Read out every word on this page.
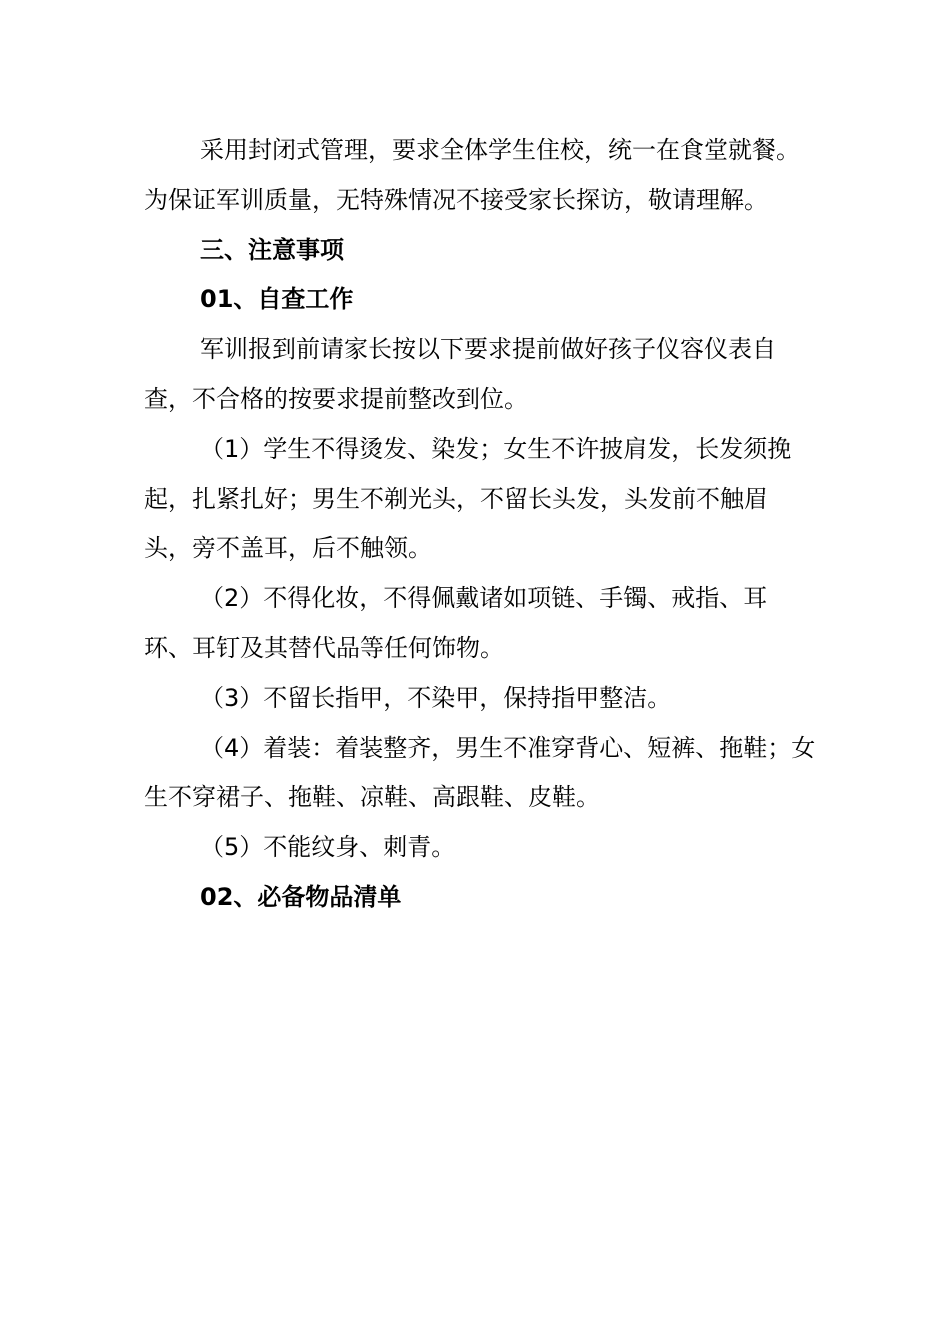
采用封闭式管理，要求全体学生住校，统一在食堂就餐。为保证军训质量，无特殊情况不接受家长探访，敬请理解。

三、注意事项

01、自查工作

军训报到前请家长按以下要求提前做好孩子仪容仪表自查，不合格的按要求提前整改到位。

（1）学生不得烫发、染发；女生不许披肩发，长发须挽起，扎紧扎好；男生不剃光头，不留长头发，头发前不触眉头，旁不盖耳，后不触领。

（2）不得化妆，不得佩戴诸如项链、手镯、戒指、耳环、耳钉及其替代品等任何饰物。

（3）不留长指甲，不染甲，保持指甲整洁。

（4）着装：着装整齐，男生不准穿背心、短裤、拖鞋；女生不穿裙子、拖鞋、凉鞋、高跟鞋、皮鞋。

（5）不能纹身、刺青。

02、必备物品清单
